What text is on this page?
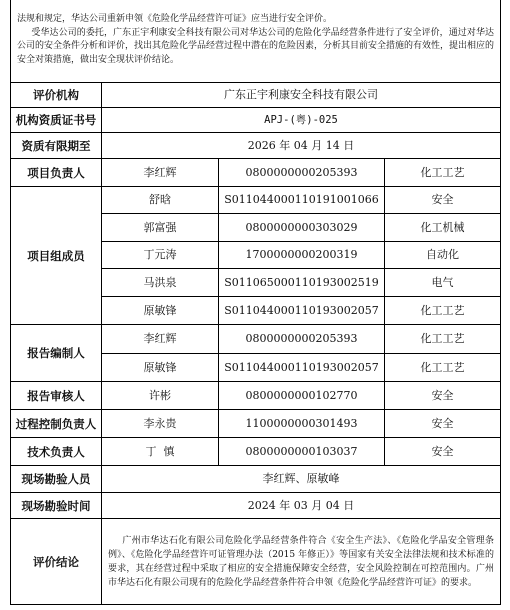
法规和规定，华达公司重新申领《危险化学品经营许可证》应当进行安全评价。
受华达公司的委托，广东正宇利康安全科技有限公司对华达公司的危险化学品经营条件进行了安全评价，通过对华达公司的安全条件分析和评价，找出其危险化学品经营过程中潜在的危险因素，分析其目前安全措施的有效性，提出相应的安全对策措施，做出安全现状评价结论。			

评价机构	广东正宇利康安全科技有限公司		
机构资质证书号	APJ-(粤)-025		
资质有限期至	2026 年 04 月 14 日		
项目负责人	李红辉	0800000000205393	化工工艺
项目组成员	舒晗	S011044000110191001066	安全
	郭富强	0800000000303029	化工机械
	丁元涛	1700000000200319	自动化
	马洪泉	S011065000110193002519	电气
	原敏锋	S011044000110193002057	化工工艺
报告编制人	李红辉	0800000000205393	化工工艺
	原敏锋	S011044000110193002057	化工工艺
报告审核人	许彬	0800000000102770	安全
过程控制负责人	李永贵	1100000000301493	安全
技术负责人	丁  慎	0800000000103037	安全
现场勘验人员	李红辉、原敏峰		
现场勘验时间	2024 年 03 月 04 日		
评价结论	广州市华达石化有限公司危险化学品经营条件符合《安全生产法》、《危险化学品安全管理条例》、《危险化学品经营许可证管理办法（2015 年修正）》等国家有关安全法律法规和技术标准的要求，其在经营过程中采取了相应的安全措施保障安全经营，安全风险控制在可控范围内。广州市华达石化有限公司现有的危险化学品经营条件符合申领《危险化学品经营许可证》的要求。		
